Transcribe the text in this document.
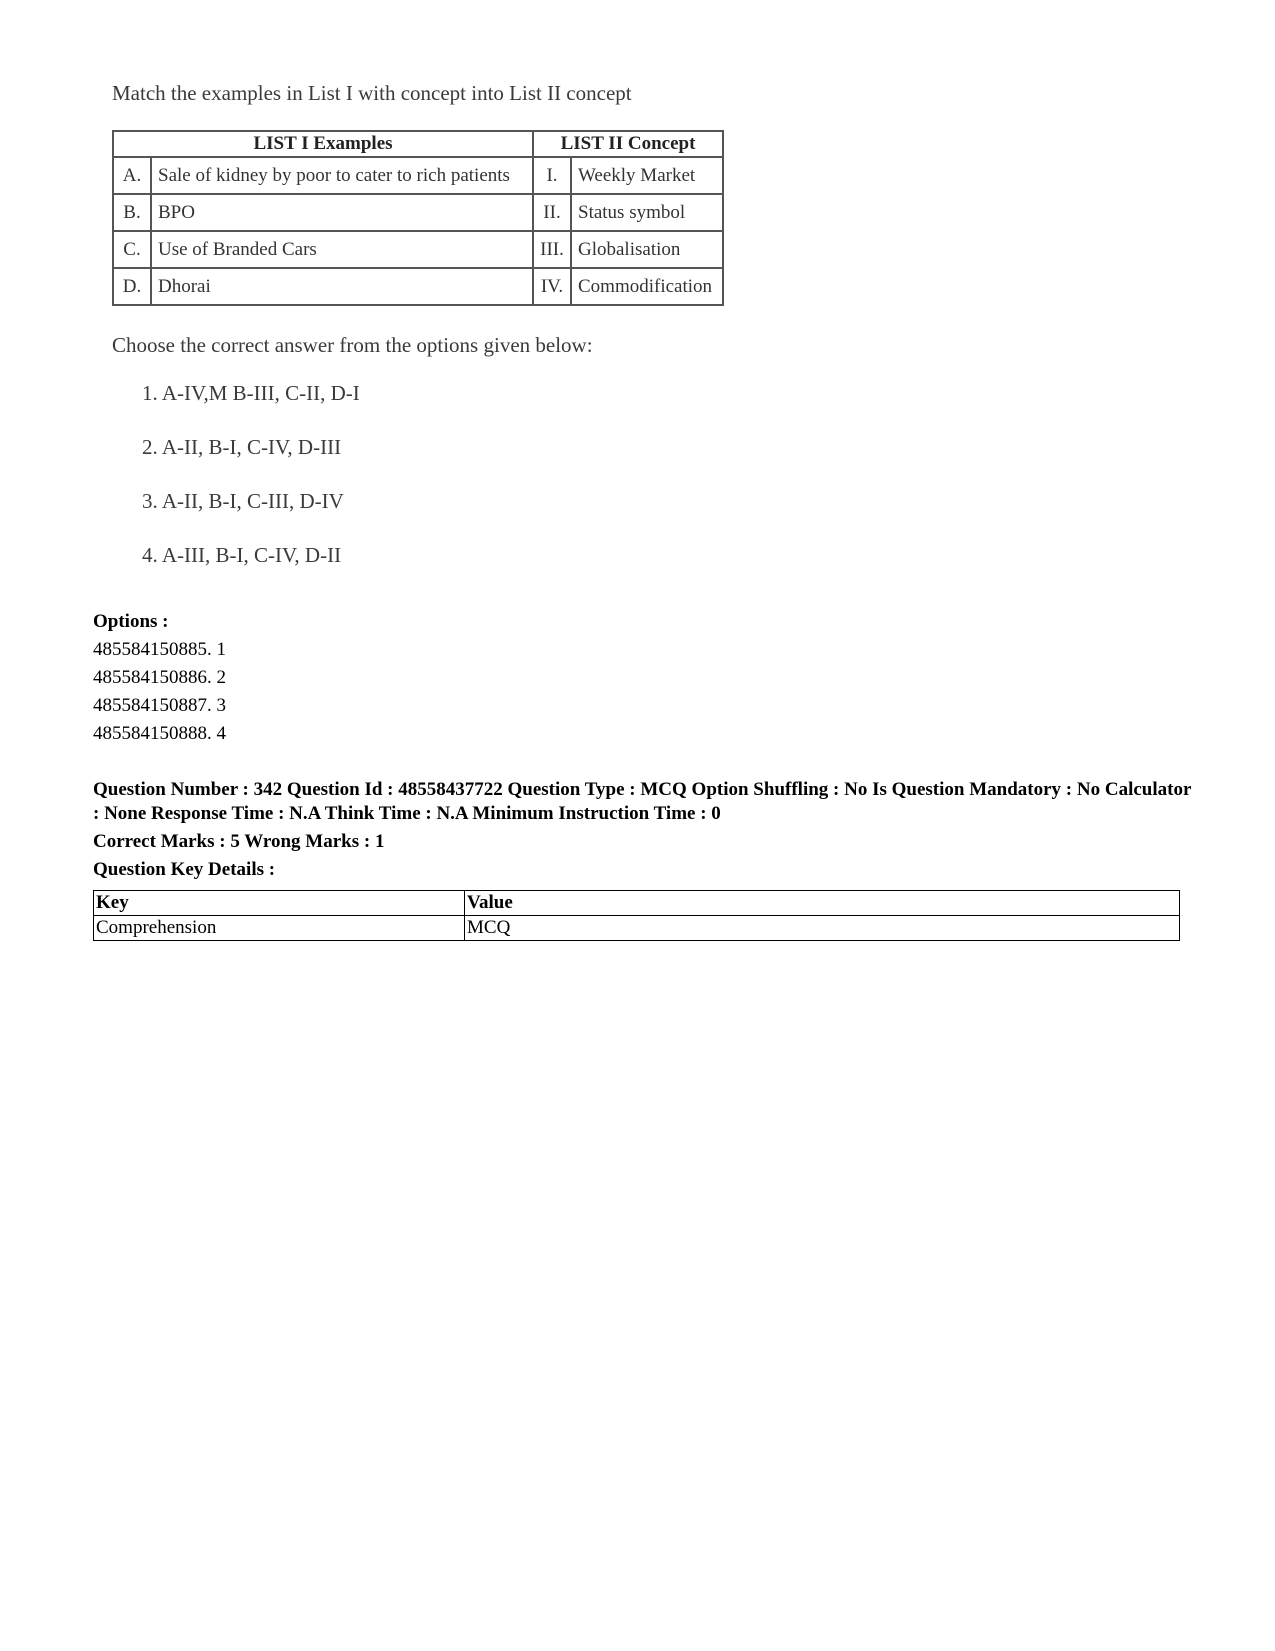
Match the examples in List I with concept into List II concept
LIST I Examples		LIST II Concept	
A.	Sale of kidney by poor to cater to rich patients	I.	Weekly Market
B.	BPO	II.	Status symbol
C.	Use of Branded Cars	III.	Globalisation
D.	Dhorai	IV.	Commodification
Choose the correct answer from the options given below:
1. A-IV,M B-III, C-II, D-I
2. A-II, B-I, C-IV, D-III
3. A-II, B-I, C-III, D-IV
4. A-III, B-I, C-IV, D-II
Options :
485584150885. 1
485584150886. 2
485584150887. 3
485584150888. 4
Question Number : 342 Question Id : 48558437722 Question Type : MCQ Option Shuffling : No Is Question Mandatory : No Calculator : None Response Time : N.A Think Time : N.A Minimum Instruction Time : 0
Correct Marks : 5 Wrong Marks : 1
Question Key Details :
Key	Value
Comprehension	MCQ
